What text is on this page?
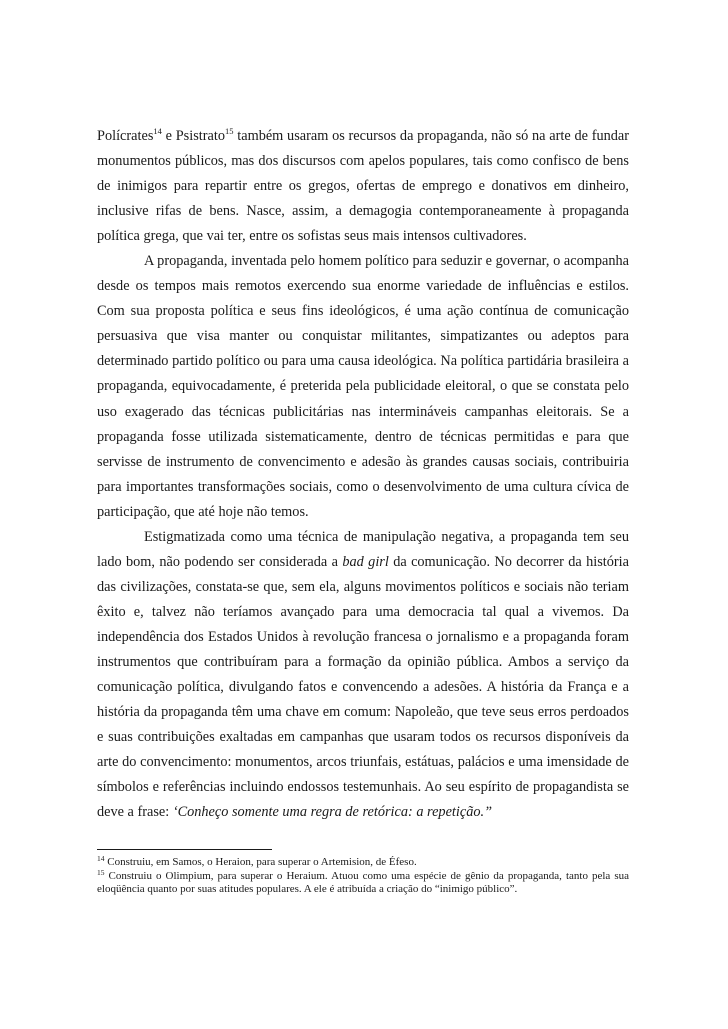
Polícrates$^{14}$ e Psistrato$^{15}$ também usaram os recursos da propaganda, não só na arte de fundar monumentos públicos, mas dos discursos com apelos populares, tais como confisco de bens de inimigos para repartir entre os gregos, ofertas de emprego e donativos em dinheiro, inclusive rifas de bens. Nasce, assim, a demagogia contemporaneamente à propaganda política grega, que vai ter, entre os sofistas seus mais intensos cultivadores.

A propaganda, inventada pelo homem político para seduzir e governar, o acompanha desde os tempos mais remotos exercendo sua enorme variedade de influências e estilos. Com sua proposta política e seus fins ideológicos, é uma ação contínua de comunicação persuasiva que visa manter ou conquistar militantes, simpatizantes ou adeptos para determinado partido político ou para uma causa ideológica. Na política partidária brasileira a propaganda, equivocadamente, é preterida pela publicidade eleitoral, o que se constata pelo uso exagerado das técnicas publicitárias nas intermináveis campanhas eleitorais. Se a propaganda fosse utilizada sistematicamente, dentro de técnicas permitidas e para que servisse de instrumento de convencimento e adesão às grandes causas sociais, contribuiria para importantes transformações sociais, como o desenvolvimento de uma cultura cívica de participação, que até hoje não temos.

Estigmatizada como uma técnica de manipulação negativa, a propaganda tem seu lado bom, não podendo ser considerada a bad girl da comunicação. No decorrer da história das civilizações, constata-se que, sem ela, alguns movimentos políticos e sociais não teriam êxito e, talvez não teríamos avançado para uma democracia tal qual a vivemos. Da independência dos Estados Unidos à revolução francesa o jornalismo e a propaganda foram instrumentos que contribuíram para a formação da opinião pública. Ambos a serviço da comunicação política, divulgando fatos e convencendo a adesões. A história da França e a história da propaganda têm uma chave em comum: Napoleão, que teve seus erros perdoados e suas contribuições exaltadas em campanhas que usaram todos os recursos disponíveis da arte do convencimento: monumentos, arcos triunfais, estátuas, palácios e uma imensidade de símbolos e referências incluindo endossos testemunhais. Ao seu espírito de propagandista se deve a frase: ‘Conheço somente uma regra de retórica: a repetição.”

$^{14}$ Construiu, em Samos, o Heraion, para superar o Artemision, de Éfeso.

$^{15}$ Construiu o Olimpium, para superar o Heraium. Atuou como uma espécie de gênio da propaganda, tanto pela sua eloqüência quanto por suas atitudes populares. A ele é atribuída a criação do “inimigo público”.
